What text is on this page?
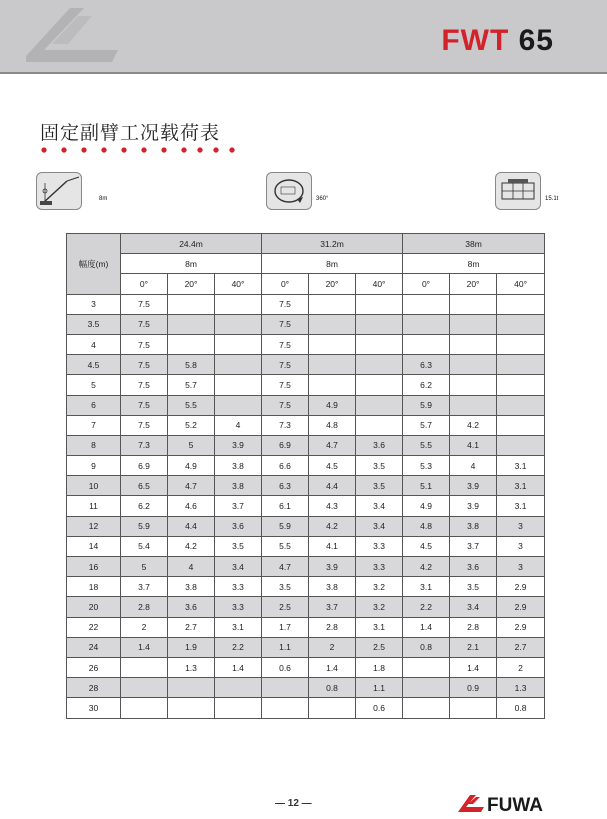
FWT 65
固定副臂工况载荷表
8m	360°	15.1t
幅度(m)	24.4m			31.2m			38m		
	8m			8m			8m		
	0°	20°	40°	0°	20°	40°	0°	20°	40°
3	7.5			7.5					
3.5	7.5			7.5					
4	7.5			7.5					
4.5	7.5	5.8		7.5			6.3		
5	7.5	5.7		7.5			6.2		
6	7.5	5.5		7.5	4.9		5.9		
7	7.5	5.2	4	7.3	4.8		5.7	4.2	
8	7.3	5	3.9	6.9	4.7	3.6	5.5	4.1	
9	6.9	4.9	3.8	6.6	4.5	3.5	5.3	4	3.1
10	6.5	4.7	3.8	6.3	4.4	3.5	5.1	3.9	3.1
11	6.2	4.6	3.7	6.1	4.3	3.4	4.9	3.9	3.1
12	5.9	4.4	3.6	5.9	4.2	3.4	4.8	3.8	3
14	5.4	4.2	3.5	5.5	4.1	3.3	4.5	3.7	3
16	5	4	3.4	4.7	3.9	3.3	4.2	3.6	3
18	3.7	3.8	3.3	3.5	3.8	3.2	3.1	3.5	2.9
20	2.8	3.6	3.3	2.5	3.7	3.2	2.2	3.4	2.9
22	2	2.7	3.1	1.7	2.8	3.1	1.4	2.8	2.9
24	1.4	1.9	2.2	1.1	2	2.5	0.8	2.1	2.7
26		1.3	1.4	0.6	1.4	1.8		1.4	2
28					0.8	1.1		0.9	1.3
30						0.6			0.8
— 12 —	FUWA
